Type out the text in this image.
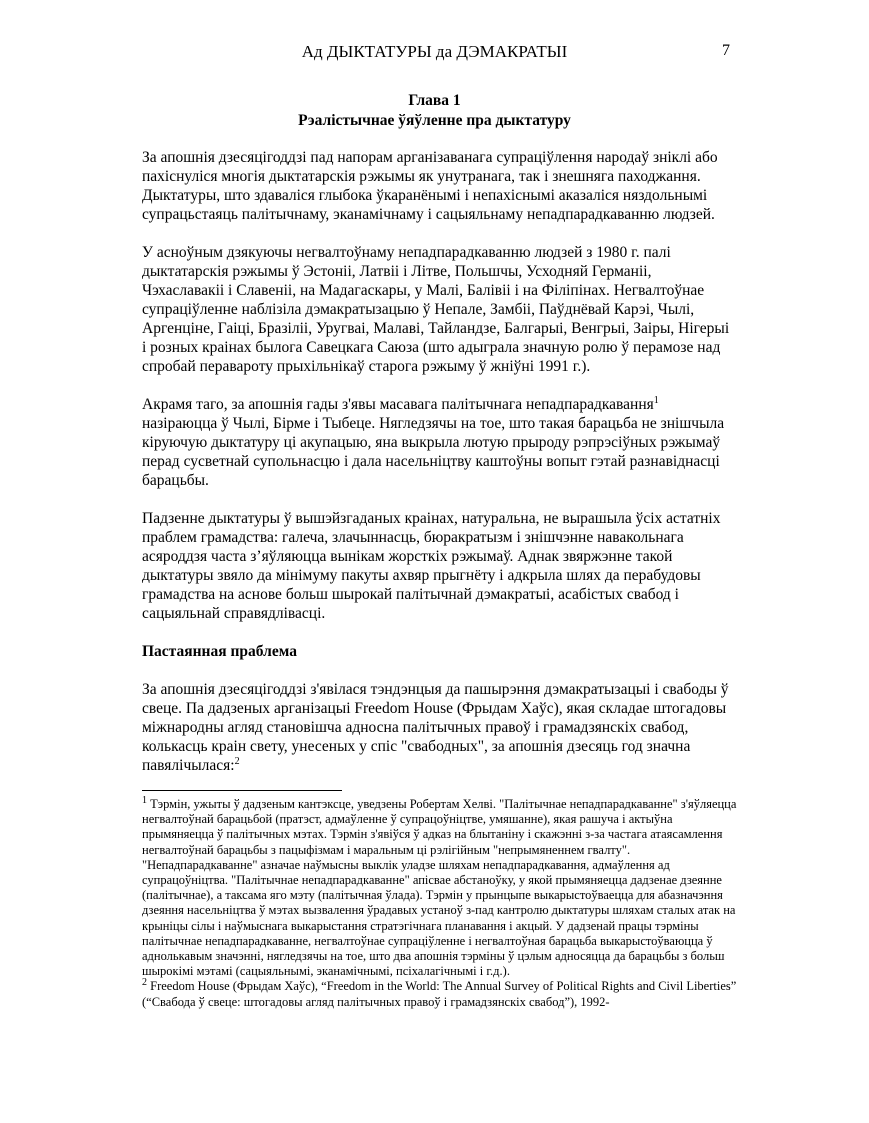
Ад ДЫКТАТУРЫ да ДЭМАКРАТЫІ	7
Глава 1
Рэалістычнае ўяўленне пра дыктатуру

За апошнія дзесяцігоддзі пад напорам арганізаванага супраціўлення народаў зніклі або пахіснуліся многія дыктатарскія рэжымы як унутранага, так і знешняга паходжання. Дыктатуры, што здаваліся глыбока ўкаранёнымі і непахіснымі аказаліся няздольнымі супрацьстаяць палітычнаму, эканамічнаму і сацыяльнаму непадпарадкаванню людзей.

У асноўным дзякуючы негвалтоўнаму непадпарадкаванню людзей з 1980 г. палі дыктатарскія рэжымы ў Эстоніі, Латвіі і Літве, Польшчы, Усходняй Германіі, Чэхаславакіі і Славеніі, на Мадагаскары, у Малі, Балівіі і на Філіпінах. Негвалтоўнае супраціўленне наблізіла дэмакратызацыю ў Непале, Замбіі, Паўднёвай Карэі, Чылі, Аргенціне, Гаіці, Бразіліі, Уругваі, Малаві, Тайландзе, Балгарыі, Венгрыі, Заіры, Нігерыі і розных краінах былога Савецкага Саюза (што адыграла значную ролю ў перамозе над спробай перавароту прыхільнікаў старога рэжыму ў жніўні 1991 г.).

Акрамя таго, за апошнія гады з'явы масавага палітычнага непадпарадкавання$^1$ назіраюцца ў Чылі, Бірме і Тыбеце. Нягледзячы на тое, што такая барацьба не знішчыла кіруючую дыктатуру ці акупацыю, яна выкрыла лютую прыроду рэпрэсіўных рэжымаў перад сусветнай супольнасцю і дала насельніцтву каштоўны вопыт гэтай разнавіднасці барацьбы.

Падзенне дыктатуры ў вышэйзгаданых краінах, натуральна, не вырашыла ўсіх астатніх праблем грамадства: галеча, злачыннасць, бюракратызм і знішчэнне навакольнага асяроддзя часта з’яўляюцца вынікам жорсткіх рэжымаў. Аднак звяржэнне такой дыктатуры звяло да мінімуму пакуты ахвяр прыгнёту і адкрыла шлях да перабудовы грамадства на аснове больш шырокай палітычнай дэмакратыі, асабістых свабод і сацыяльнай справядлівасці.

Пастаянная праблема

За апошнія дзесяцігоддзі з'явілася тэндэнцыя да пашырэння дэмакратызацыі і свабоды ў свеце. Па дадзеных арганізацыі Freedom House (Фрыдам Хаўс), якая складае штогадовы міжнародны агляд становішча адносна палітычных правоў і грамадзянскіх свабод, колькасць краін свету, унесеных у спіс "свабодных", за апошнія дзесяць год значна павялічылася:$^2$

$^1$ Тэрмін, ужыты ў дадзеным кантэксце, уведзены Робертам Хелві. "Палітычнае непадпарадкаванне" з'яўляецца негвалтоўнай барацьбой (пратэст, адмаўленне ў супрацоўніцтве, умяшанне), якая рашуча і актыўна прымяняецца ў палітычных мэтах. Тэрмін з'явіўся ў адказ на блытаніну і скажэнні з-за частага атаясамлення негвалтоўнай барацьбы з пацыфізмам і маральным ці рэлігійным "непрымяненнем гвалту". "Непадпарадкаванне" азначае наўмысны выклік уладзе шляхам непадпарадкавання, адмаўлення ад супрацоўніцтва. "Палітычнае непадпарадкаванне" апісвае абстаноўку, у якой прымяняецца дадзенае дзеянне (палітычнае), а таксама яго мэту (палітычная ўлада). Тэрмін у прынцыпе выкарыстоўваецца для абазначэння дзеяння насельніцтва ў мэтах вызвалення ўрадавых устаноў з-пад кантролю дыктатуры шляхам сталых атак на крыніцы сілы і наўмыснага выкарыстання стратэгічнага планавання і акцый. У дадзенай працы тэрміны палітычнае непадпарадкаванне, негвалтоўнае супраціўленне і негвалтоўная барацьба выкарыстоўваюцца ў аднолькавым значэнні, нягледзячы на тое, што два апошнія тэрміны ў цэлым адносяцца да барацьбы з больш шырокімі мэтамі (сацыяльнымі, эканамічнымі, псіхалагічнымі і г.д.).

$^2$ Freedom House (Фрыдам Хаўс), “Freedom in the World: The Annual Survey of Political Rights and Civil Liberties” (“Свабода ў свеце: штогадовы агляд палітычных правоў і грамадзянскіх свабод”), 1992-
